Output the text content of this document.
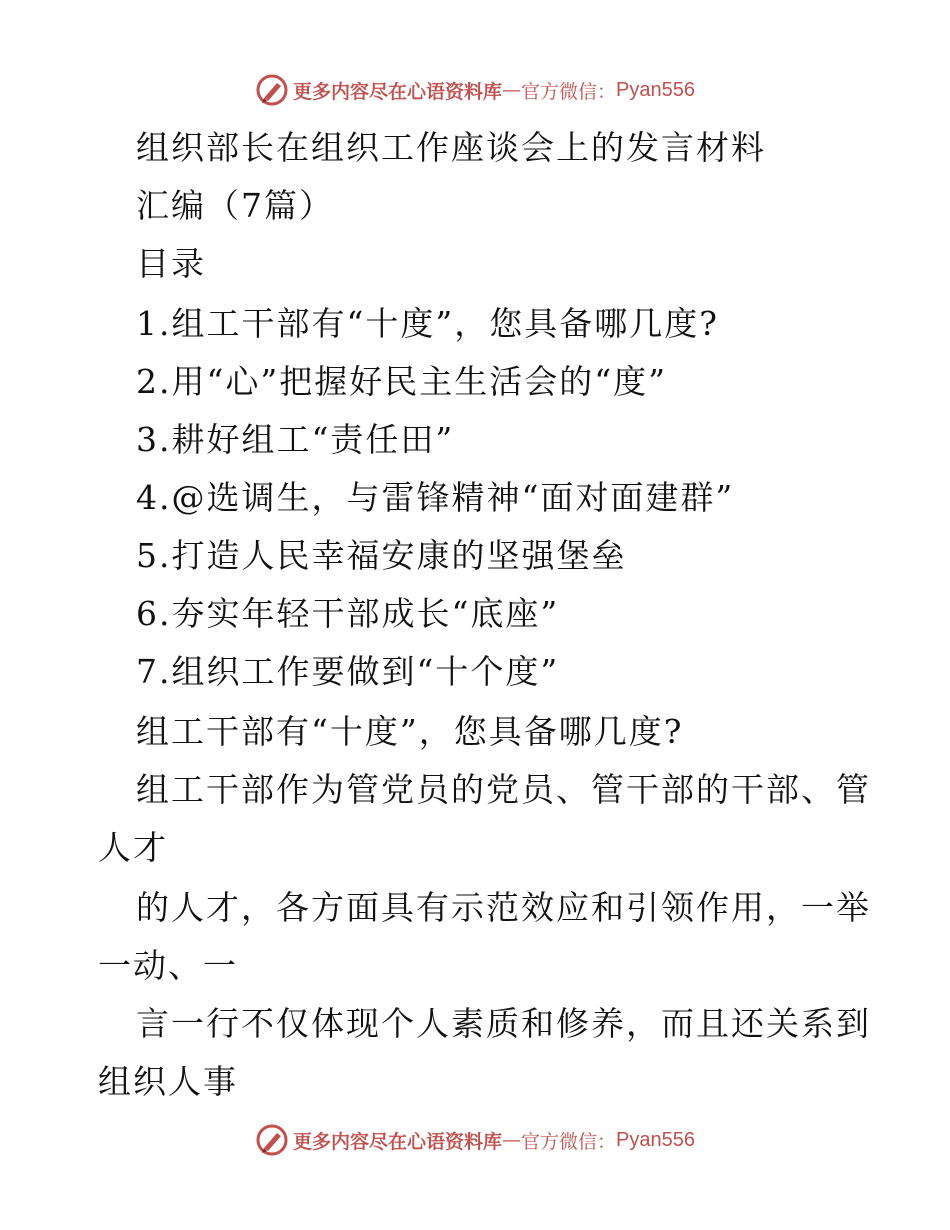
更多内容尽在心语资料库 — 官方微信： Pyan556
组织部长在组织工作座谈会上的发言材料
汇编（7篇）
目录
1.组工干部有“十度”，您具备哪几度?
2.用“心”把握好民主生活会的“度”
3.耕好组工“责任田”
4.@选调生，与雷锋精神“面对面建群”
5.打造人民幸福安康的坚强堡垒
6.夯实年轻干部成长“底座”
7.组织工作要做到“十个度”
组工干部有“十度”，您具备哪几度?
组工干部作为管党员的党员、管干部的干部、管
人才
的人才，各方面具有示范效应和引领作用，一举
一动、一
言一行不仅体现个人素质和修养，而且还关系到
组织人事
更多内容尽在心语资料库 — 官方微信： Pyan556
